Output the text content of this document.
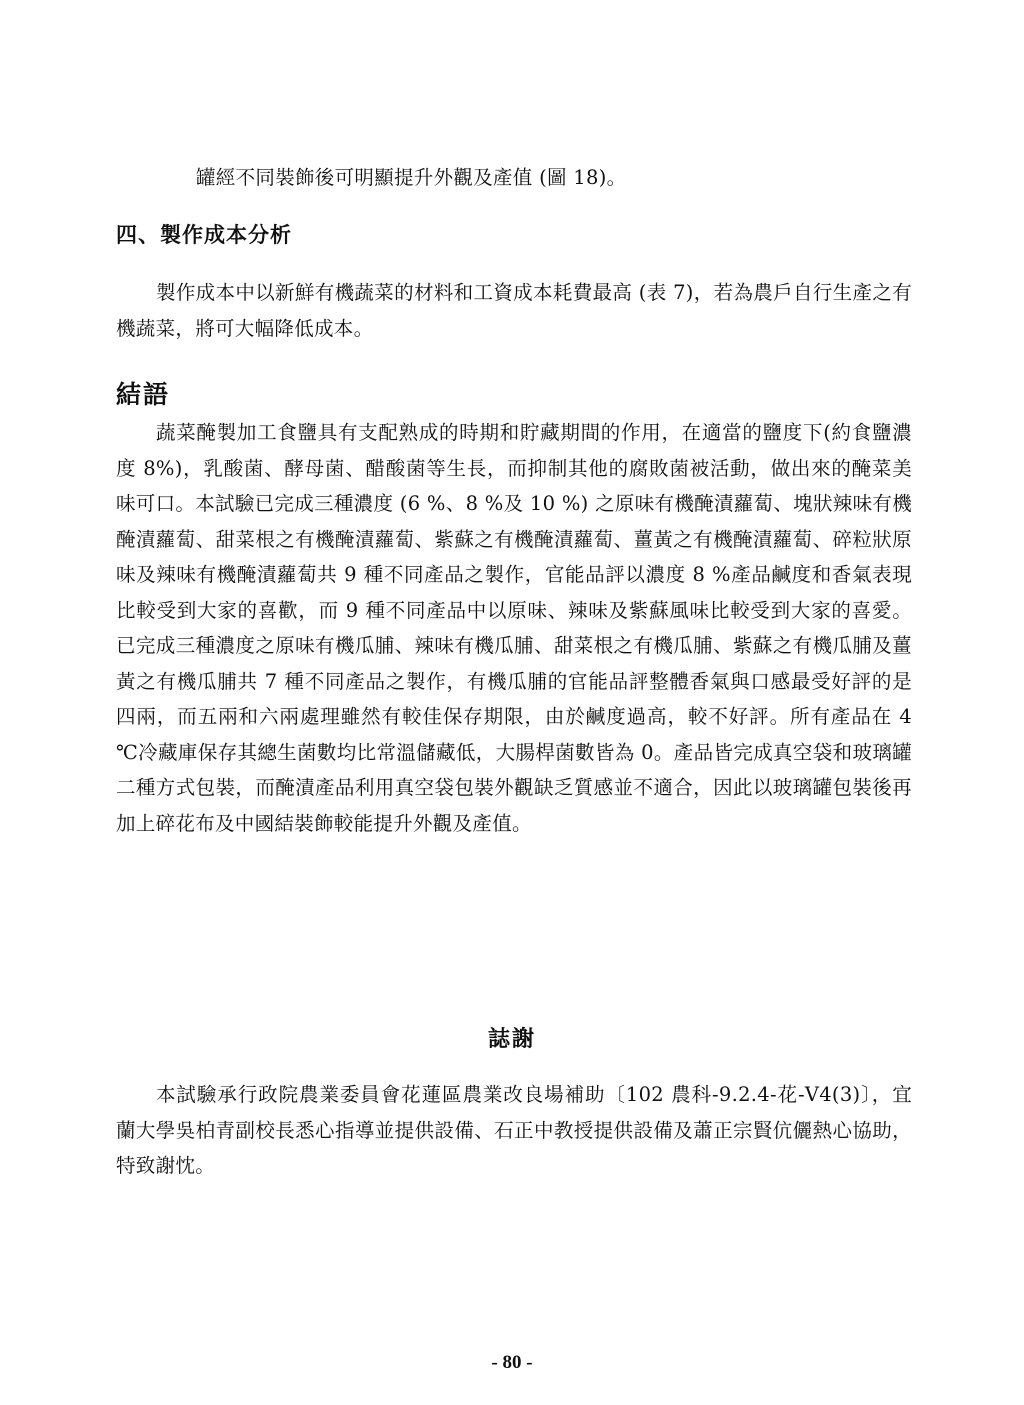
罐經不同裝飾後可明顯提升外觀及產值 (圖 18)。

四、製作成本分析

製作成本中以新鮮有機蔬菜的材料和工資成本耗費最高 (表 7)，若為農戶自行生產之有機蔬菜，將可大幅降低成本。

結語

蔬菜醃製加工食鹽具有支配熟成的時期和貯藏期間的作用，在適當的鹽度下(約食鹽濃度 8%)，乳酸菌、酵母菌、醋酸菌等生長，而抑制其他的腐敗菌被活動，做出來的醃菜美味可口。本試驗已完成三種濃度 (6 %、8 %及 10 %) 之原味有機醃漬蘿蔔、塊狀辣味有機醃漬蘿蔔、甜菜根之有機醃漬蘿蔔、紫蘇之有機醃漬蘿蔔、薑黃之有機醃漬蘿蔔、碎粒狀原味及辣味有機醃漬蘿蔔共 9 種不同產品之製作，官能品評以濃度 8 %產品鹹度和香氣表現比較受到大家的喜歡，而 9 種不同產品中以原味、辣味及紫蘇風味比較受到大家的喜愛。已完成三種濃度之原味有機瓜脯、辣味有機瓜脯、甜菜根之有機瓜脯、紫蘇之有機瓜脯及薑黃之有機瓜脯共 7 種不同產品之製作，有機瓜脯的官能品評整體香氣與口感最受好評的是四兩，而五兩和六兩處理雖然有較佳保存期限，由於鹹度過高，較不好評。所有產品在 4 ℃冷藏庫保存其總生菌數均比常溫儲藏低，大腸桿菌數皆為 0。產品皆完成真空袋和玻璃罐二種方式包裝，而醃漬產品利用真空袋包裝外觀缺乏質感並不適合，因此以玻璃罐包裝後再加上碎花布及中國結裝飾較能提升外觀及產值。

誌謝

本試驗承行政院農業委員會花蓮區農業改良場補助〔102 農科-9.2.4-花-V4(3)〕，宜蘭大學吳柏青副校長悉心指導並提供設備、石正中教授提供設備及蕭正宗賢伉儷熱心協助，特致謝忱。

- 80 -
